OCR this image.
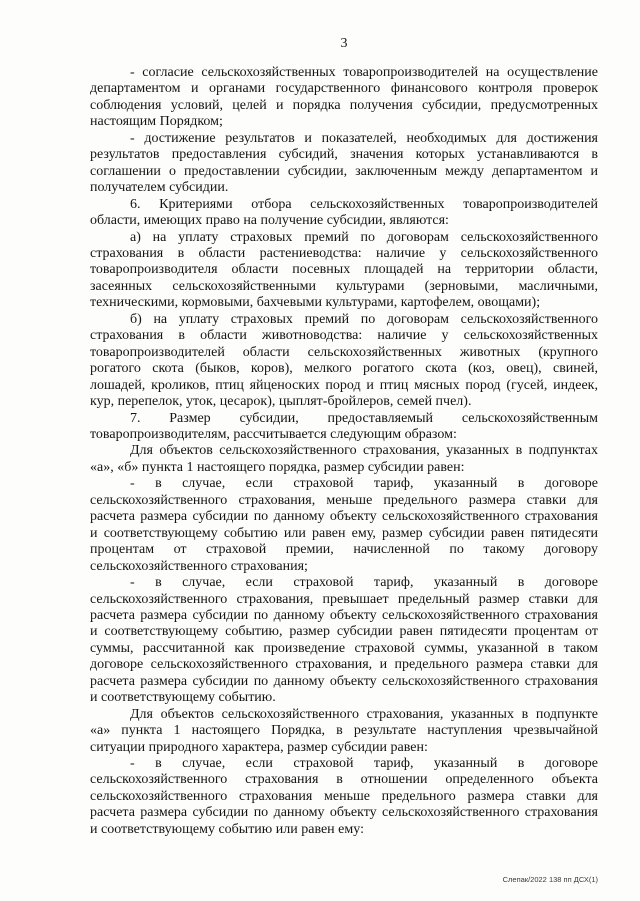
3
- согласие сельскохозяйственных товаропроизводителей на осуществление
департаментом и органами государственного финансового контроля проверок
соблюдения условий, целей и порядка получения субсидии, предусмотренных
настоящим Порядком;
- достижение результатов и показателей, необходимых для достижения
результатов предоставления субсидий, значения которых устанавливаются в
соглашении о предоставлении субсидии, заключенным между департаментом и
получателем субсидии.
6. Критериями отбора сельскохозяйственных товаропроизводителей
области, имеющих право на получение субсидии, являются:
а) на уплату страховых премий по договорам сельскохозяйственного
страхования в области растениеводства: наличие у сельскохозяйственного
товаропроизводителя области посевных площадей на территории области,
засеянных сельскохозяйственными культурами (зерновыми, масличными,
техническими, кормовыми, бахчевыми культурами, картофелем, овощами);
б) на уплату страховых премий по договорам сельскохозяйственного
страхования в области животноводства: наличие у сельскохозяйственных
товаропроизводителей области сельскохозяйственных животных (крупного
рогатого скота (быков, коров), мелкого рогатого скота (коз, овец), свиней,
лошадей, кроликов, птиц яйценоских пород и птиц мясных пород (гусей, индеек,
кур, перепелок, уток, цесарок), цыплят-бройлеров, семей пчел).
7. Размер субсидии, предоставляемый сельскохозяйственным
товаропроизводителям, рассчитывается следующим образом:
Для объектов сельскохозяйственного страхования, указанных в подпунктах
«а», «б» пункта 1 настоящего порядка, размер субсидии равен:
- в случае, если страховой тариф, указанный в договоре
сельскохозяйственного страхования, меньше предельного размера ставки для
расчета размера субсидии по данному объекту сельскохозяйственного страхования
и соответствующему событию или равен ему, размер субсидии равен пятидесяти
процентам от страховой премии, начисленной по такому договору
сельскохозяйственного страхования;
- в случае, если страховой тариф, указанный в договоре
сельскохозяйственного страхования, превышает предельный размер ставки для
расчета размера субсидии по данному объекту сельскохозяйственного страхования
и соответствующему событию, размер субсидии равен пятидесяти процентам от
суммы, рассчитанной как произведение страховой суммы, указанной в таком
договоре сельскохозяйственного страхования, и предельного размера ставки для
расчета размера субсидии по данному объекту сельскохозяйственного страхования
и соответствующему событию.
Для объектов сельскохозяйственного страхования, указанных в подпункте
«а» пункта 1 настоящего Порядка, в результате наступления чрезвычайной
ситуации природного характера, размер субсидии равен:
- в случае, если страховой тариф, указанный в договоре
сельскохозяйственного страхования в отношении определенного объекта
сельскохозяйственного страхования меньше предельного размера ставки для
расчета размера субсидии по данному объекту сельскохозяйственного страхования
и соответствующему событию или равен ему:
Слепак/2022 138 пп ДСХ(1)
